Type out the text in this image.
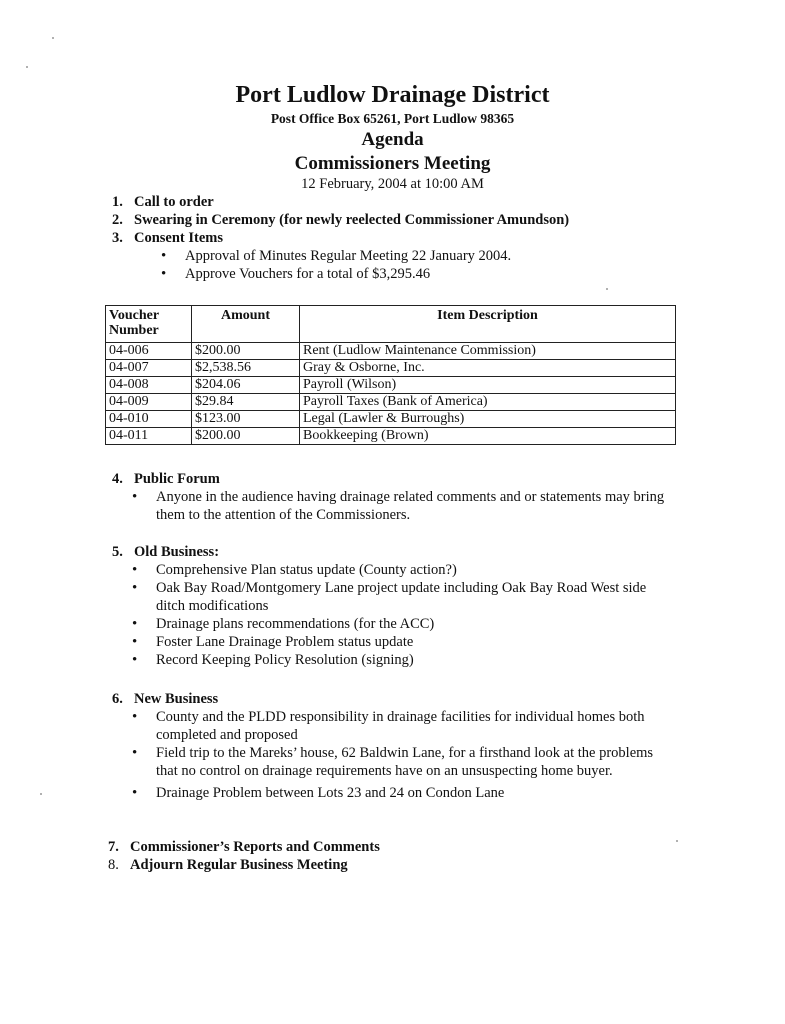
Port Ludlow Drainage District
Post Office Box 65261, Port Ludlow 98365
Agenda
Commissioners Meeting
12 February, 2004 at 10:00 AM
1. Call to order
2. Swearing in Ceremony (for newly reelected Commissioner Amundson)
3. Consent Items
• Approval of Minutes Regular Meeting 22 January 2004.
• Approve Vouchers for a total of $3,295.46
Voucher Number	Amount	Item Description
04-006	$200.00	Rent (Ludlow Maintenance Commission)
04-007	$2,538.56	Gray & Osborne, Inc.
04-008	$204.06	Payroll (Wilson)
04-009	$29.84	Payroll Taxes (Bank of America)
04-010	$123.00	Legal (Lawler & Burroughs)
04-011	$200.00	Bookkeeping (Brown)
4. Public Forum
• Anyone in the audience having drainage related comments and or statements may bring them to the attention of the Commissioners.
5. Old Business:
• Comprehensive Plan status update (County action?)
• Oak Bay Road/Montgomery Lane project update including Oak Bay Road West side ditch modifications
• Drainage plans recommendations (for the ACC)
• Foster Lane Drainage Problem status update
• Record Keeping Policy Resolution (signing)
6. New Business
• County and the PLDD responsibility in drainage facilities for individual homes both completed and proposed
• Field trip to the Mareks’ house, 62 Baldwin Lane, for a firsthand look at the problems that no control on drainage requirements have on an unsuspecting home buyer.
• Drainage Problem between Lots 23 and 24 on Condon Lane
7. Commissioner’s Reports and Comments
8. Adjourn Regular Business Meeting
